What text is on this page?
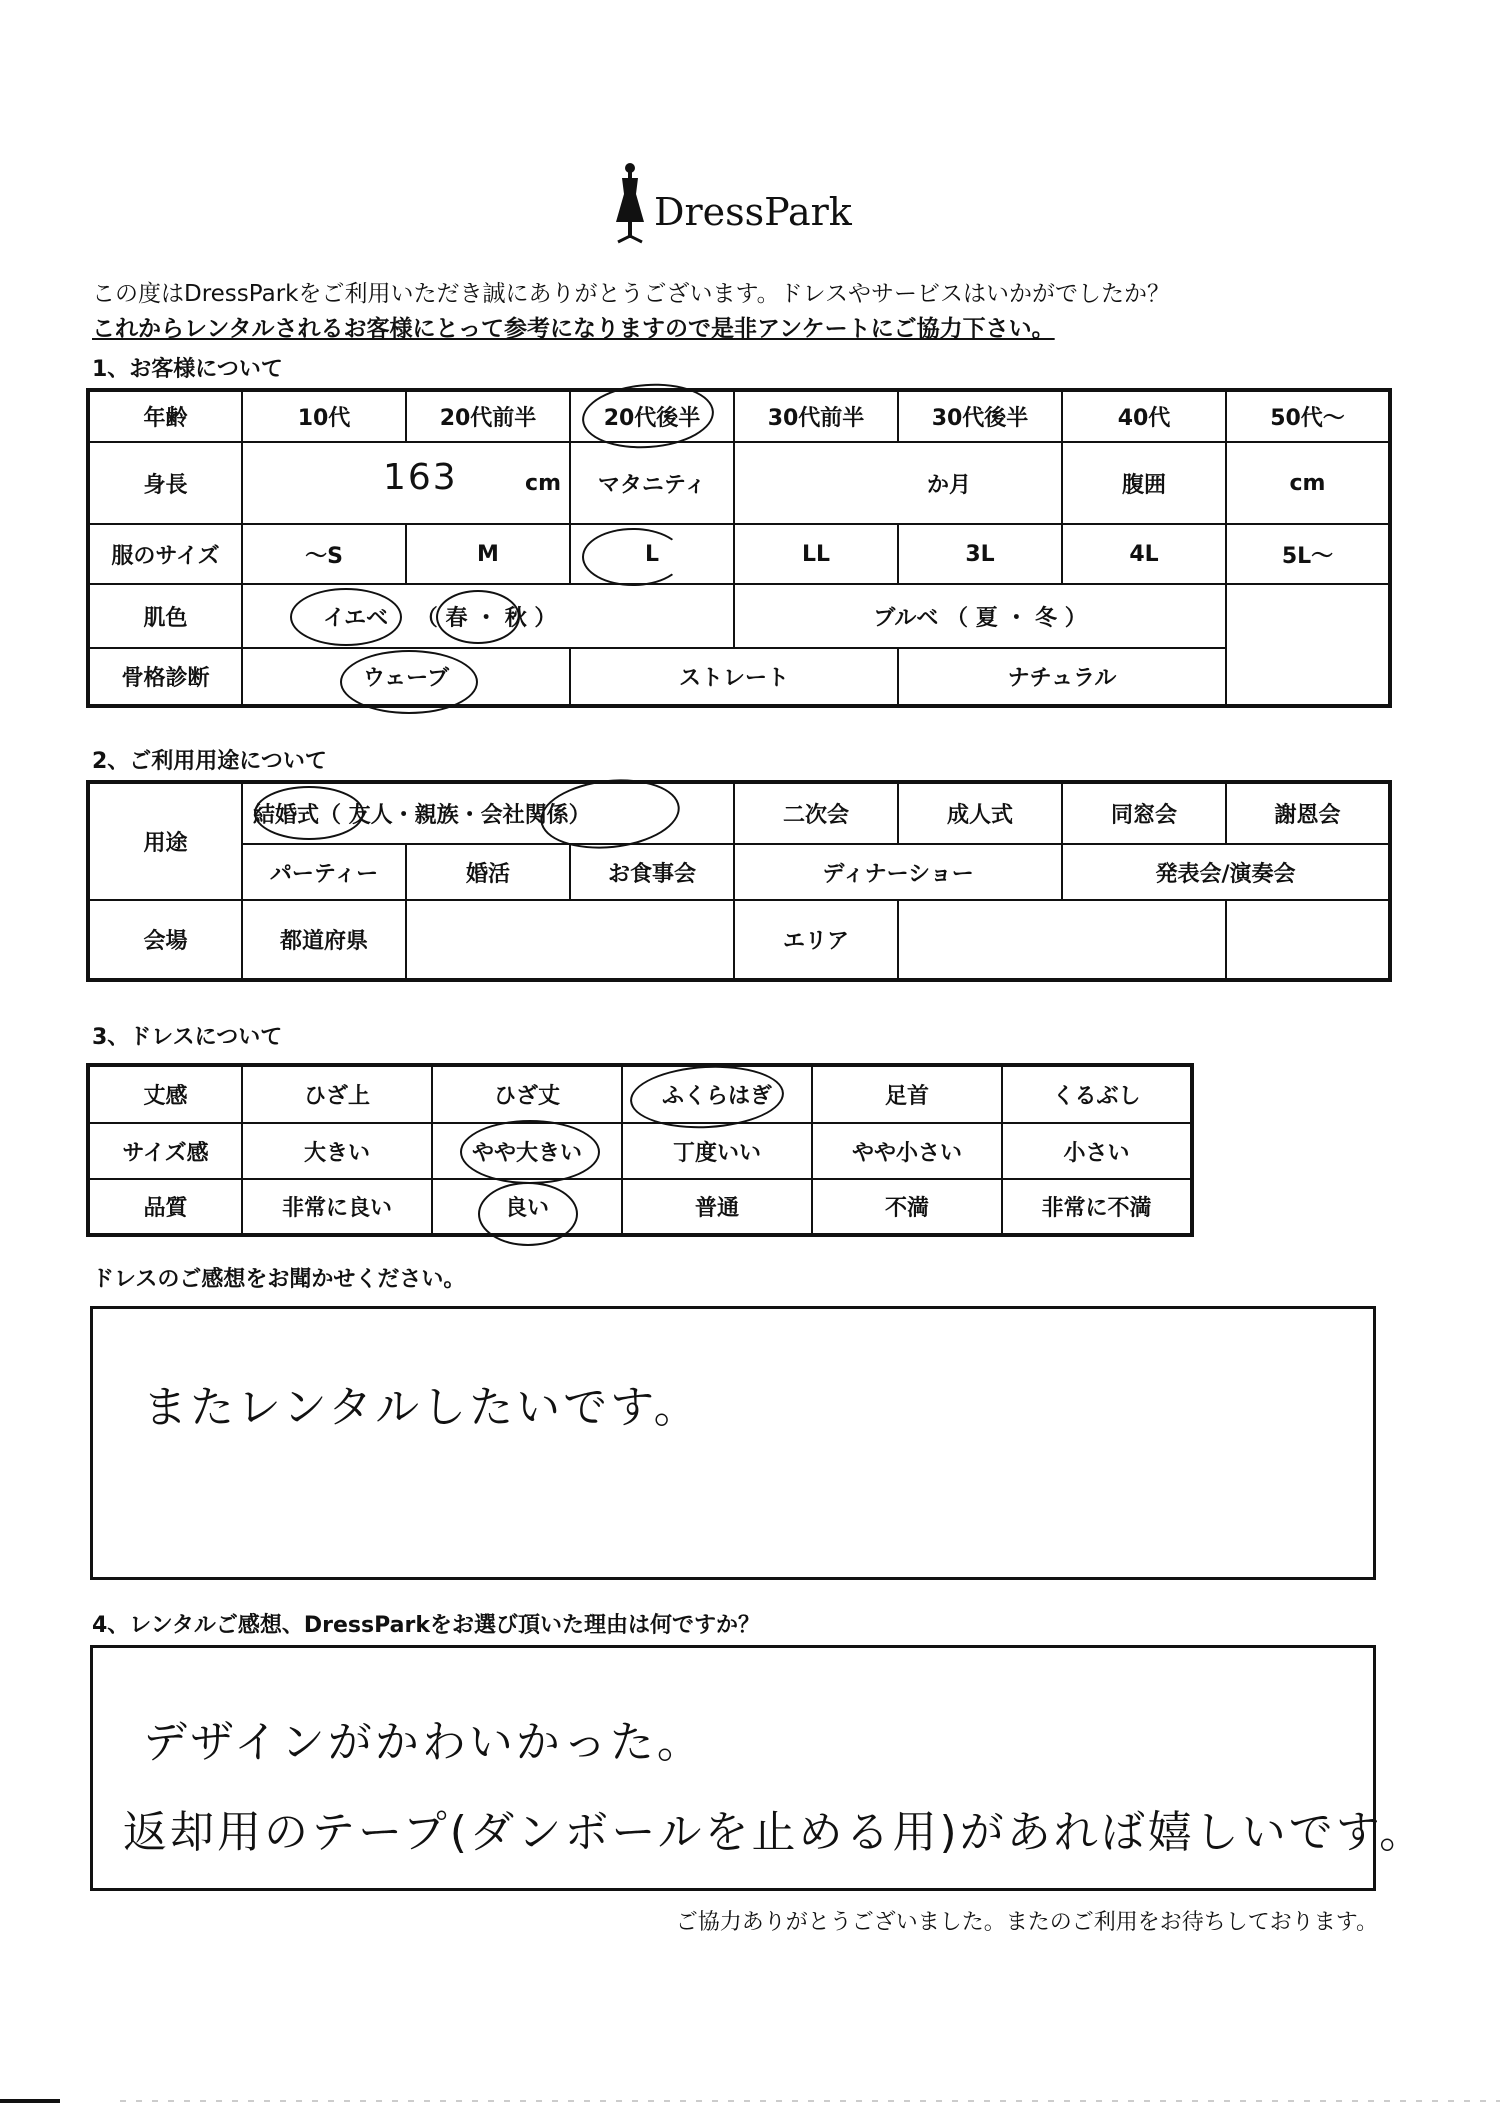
DressPark
この度はDressParkをご利用いただき誠にありがとうございます。ドレスやサービスはいかがでしたか？
これからレンタルされるお客様にとって参考になりますので是非アンケートにご協力下さい。
1、お客様について
年齢	10代	20代前半	20代後半	30代前半	30代後半	40代	50代～
身長	163 cm		マタニティ	か月		腹囲	cm
服のサイズ	～S	M	L	LL	3L	4L	5L～
肌色	イエベ （ 春 ・ 秋 ）			ブルベ （ 夏 ・ 冬 ）			
骨格診断	ウェーブ		ストレート		ナチュラル		
2、ご利用用途について
用途	結婚式（ 友人・親族・会社関係）			二次会	成人式	同窓会	謝恩会
	パーティー	婚活	お食事会	ディナーショー		発表会/演奏会	
会場	都道府県			エリア			
3、ドレスについて
丈感	ひざ上	ひざ丈	ふくらはぎ	足首	くるぶし
サイズ感	大きい	やや大きい	丁度いい	やや小さい	小さい
品質	非常に良い	良い	普通	不満	非常に不満
ドレスのご感想をお聞かせください。
またレンタルしたいです。
4、レンタルご感想、DressParkをお選び頂いた理由は何ですか？
デザインがかわいかった。
返却用のテープ(ダンボールを止める用)があれば嬉しいです。
ご協力ありがとうございました。またのご利用をお待ちしております。
